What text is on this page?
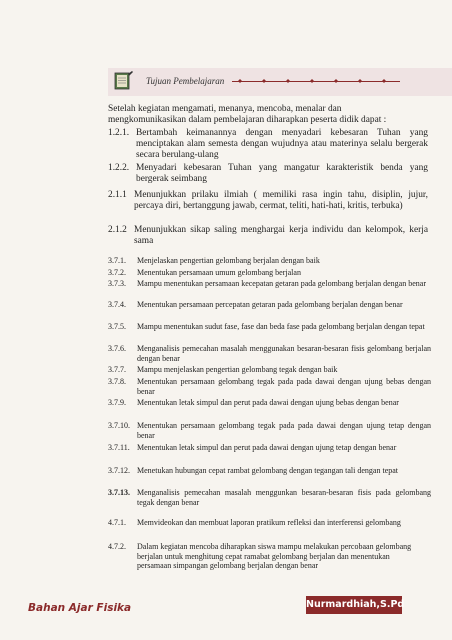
Tujuan Pembelajaran
Setelah kegiatan mengamati, menanya, mencoba, menalar dan mengkomunikasikan dalam pembelajaran diharapkan peserta didik dapat :
1.2.1. Bertambah keimanannya dengan menyadari kebesaran Tuhan yang menciptakan alam semesta dengan wujudnya atau materinya selalu bergerak secara berulang-ulang
1.2.2. Menyadari kebesaran Tuhan yang mangatur karakteristik benda yang bergerak seimbang
2.1.1 Menunjukkan prilaku ilmiah ( memiliki rasa ingin tahu, disiplin, jujur, percaya diri, bertanggung jawab, cermat, teliti, hati-hati, kritis, terbuka)
2.1.2 Menunjukkan sikap saling menghargai kerja individu dan kelompok, kerja sama
3.7.1. Menjelaskan pengertian gelombang berjalan dengan baik
3.7.2. Menentukan persamaan umum gelombang berjalan
3.7.3. Mampu menentukan persamaan kecepatan getaran pada gelombang berjalan dengan benar
3.7.4. Menentukan persamaan percepatan getaran pada gelombang berjalan dengan benar
3.7.5. Mampu menentukan sudut fase, fase dan beda fase pada gelombang berjalan dengan tepat
3.7.6. Menganalisis pemecahan masalah menggunakan besaran-besaran fisis gelombang berjalan dengan benar
3.7.7. Mampu menjelaskan pengertian gelombang tegak dengan baik
3.7.8. Menentukan persamaan gelombang tegak pada pada dawai dengan ujung bebas dengan benar
3.7.9. Menentukan letak simpul dan perut pada dawai dengan ujung bebas dengan benar
3.7.10. Menentukan persamaan gelombang tegak pada pada dawai dengan ujung tetap dengan benar
3.7.11. Menentukan letak simpul dan perut pada dawai dengan ujung tetap dengan benar
3.7.12. Menetukan hubungan cepat rambat gelombang dengan tegangan tali dengan tepat
3.7.13. Menganalisis pemecahan masalah menggunkan besaran-besaran fisis pada gelombang tegak dengan benar
4.7.1. Memvideokan dan membuat laporan pratikum refleksi dan interferensi gelombang
4.7.2. Dalam kegiatan mencoba diharapkan siswa mampu melakukan percobaan gelombang berjalan untuk menghitung cepat ramabat gelombang berjalan dan menentukan persamaan simpangan gelombang berjalan dengan benar
Bahan Ajar Fisika	Nurmardhiah,S.Pd
